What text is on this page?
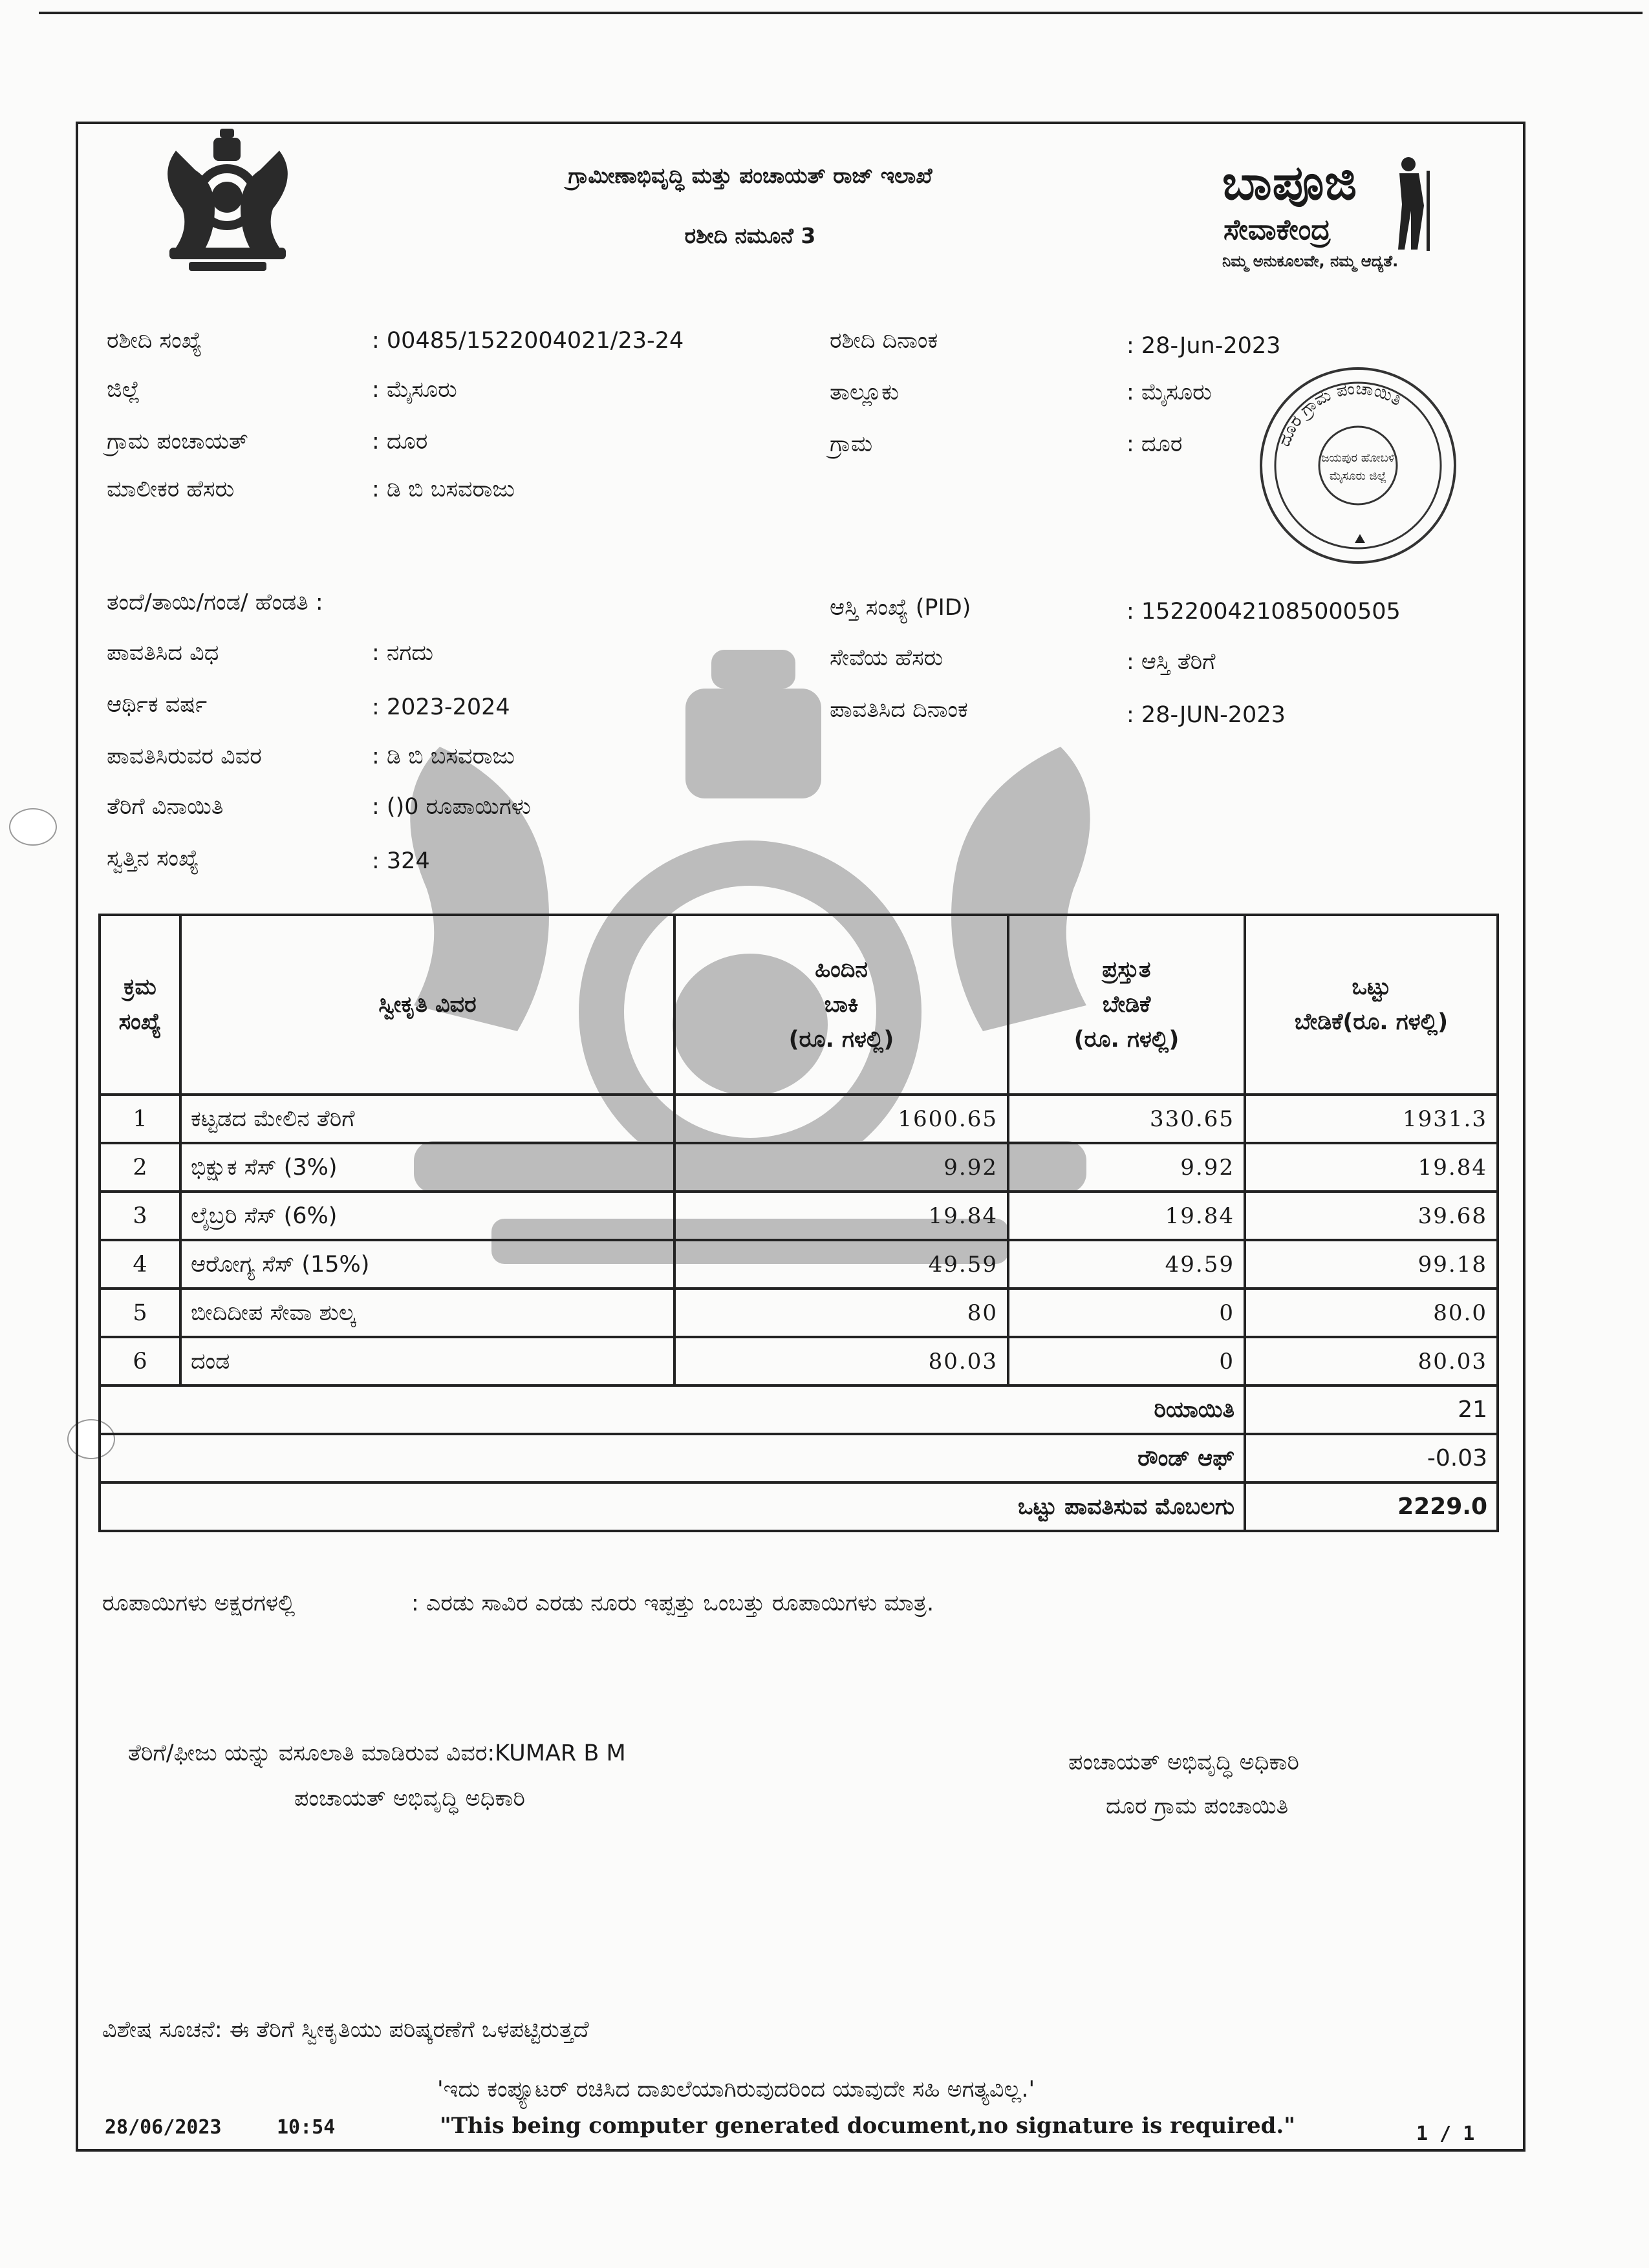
ಗ್ರಾಮೀಣಾಭಿವೃದ್ಧಿ ಮತ್ತು ಪಂಚಾಯತ್ ರಾಜ್ ಇಲಾಖೆ
ರಶೀದಿ ನಮೂನೆ 3
ಬಾಪೂಜಿ
ಸೇವಾಕೇಂದ್ರ
ನಿಮ್ಮ ಅನುಕೂಲವೇ, ನಮ್ಮ ಆದ್ಯತೆ.
ದೂರ ಗ್ರಾಮ ಪಂಚಾಯಿತಿ
ಜಯಪುರ ಹೋಬಳಿ
ಮೈಸೂರು ಜಿಲ್ಲೆ
ರಶೀದಿ ಸಂಖ್ಯೆ	: 00485/1522004021/23-24
ಜಿಲ್ಲೆ	: ಮೈಸೂರು
ಗ್ರಾಮ ಪಂಚಾಯತ್	: ದೂರ
ಮಾಲೀಕರ ಹೆಸರು	: ಡಿ ಬಿ ಬಸವರಾಜು
ರಶೀದಿ ದಿನಾಂಕ	: 28-Jun-2023
ತಾಲ್ಲೂಕು	: ಮೈಸೂರು
ಗ್ರಾಮ	: ದೂರ
ತಂದೆ/ತಾಯಿ/ಗಂಡ/ ಹೆಂಡತಿ :
ಪಾವತಿಸಿದ ವಿಧ	: ನಗದು
ಆರ್ಥಿಕ ವರ್ಷ	: 2023-2024
ಪಾವತಿಸಿರುವರ ವಿವರ	: ಡಿ ಬಿ ಬಸವರಾಜು
ತೆರಿಗೆ ವಿನಾಯಿತಿ	: ()0 ರೂಪಾಯಿಗಳು
ಸ್ವತ್ತಿನ ಸಂಖ್ಯೆ	: 324
ಆಸ್ತಿ ಸಂಖ್ಯೆ (PID)	: 152200421085000505
ಸೇವೆಯ ಹೆಸರು	: ಆಸ್ತಿ ತೆರಿಗೆ
ಪಾವತಿಸಿದ ದಿನಾಂಕ	: 28-JUN-2023
ಕ್ರಮ
ಸಂಖ್ಯೆ	ಸ್ವೀಕೃತಿ ವಿವರ	ಹಿಂದಿನ
ಬಾಕಿ
(ರೂ. ಗಳಲ್ಲಿ)	ಪ್ರಸ್ತುತ
ಬೇಡಿಕೆ
(ರೂ. ಗಳಲ್ಲಿ)	ಒಟ್ಟು
ಬೇಡಿಕೆ(ರೂ. ಗಳಲ್ಲಿ)
1	ಕಟ್ಟಡದ ಮೇಲಿನ ತೆರಿಗೆ	1600.65	330.65	1931.3
2	ಭಿಕ್ಷುಕ ಸೆಸ್ (3%)	9.92	9.92	19.84
3	ಲೈಬ್ರರಿ ಸೆಸ್ (6%)	19.84	19.84	39.68
4	ಆರೋಗ್ಯ ಸೆಸ್ (15%)	49.59	49.59	99.18
5	ಬೀದಿದೀಪ ಸೇವಾ ಶುಲ್ಕ	80	0	80.0
6	ದಂಡ	80.03	0	80.03
ರಿಯಾಯಿತಿ				21
ರೌಂಡ್ ಆಫ್				-0.03
ಒಟ್ಟು ಪಾವತಿಸುವ ಮೊಬಲಗು				2229.0
ರೂಪಾಯಿಗಳು ಅಕ್ಷರಗಳಲ್ಲಿ	: ಎರಡು ಸಾವಿರ ಎರಡು ನೂರು ಇಪ್ಪತ್ತು ಒಂಬತ್ತು ರೂಪಾಯಿಗಳು ಮಾತ್ರ.
ತೆರಿಗೆ/ಫೀಜು ಯನ್ನು ವಸೂಲಾತಿ ಮಾಡಿರುವ ವಿವರ:KUMAR B M
ಪಂಚಾಯತ್ ಅಭಿವೃದ್ಧಿ ಅಧಿಕಾರಿ
ಪಂಚಾಯತ್ ಅಭಿವೃದ್ಧಿ ಅಧಿಕಾರಿ
ದೂರ ಗ್ರಾಮ ಪಂಚಾಯಿತಿ
ವಿಶೇಷ ಸೂಚನೆ: ಈ ತೆರಿಗೆ ಸ್ವೀಕೃತಿಯು ಪರಿಷ್ಕರಣೆಗೆ ಒಳಪಟ್ಟಿರುತ್ತದೆ
'ಇದು ಕಂಪ್ಯೂಟರ್ ರಚಿಸಿದ ದಾಖಲೆಯಾಗಿರುವುದರಿಂದ ಯಾವುದೇ ಸಹಿ ಅಗತ್ಯವಿಲ್ಲ.'
"This being computer generated document,no signature is required."
28/06/2023	10:54	1 / 1
